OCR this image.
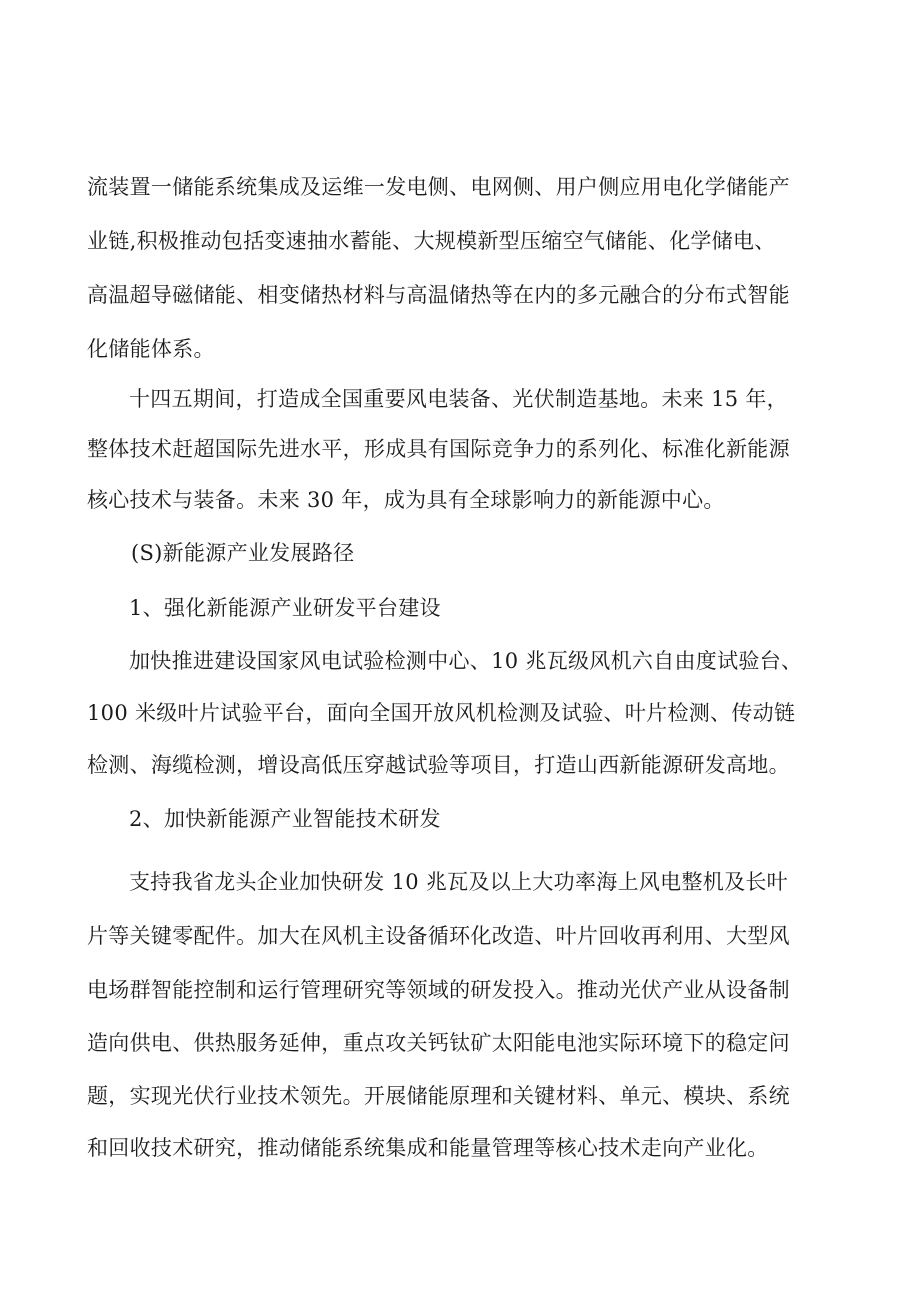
流装置一储能系统集成及运维一发电侧、电网侧、用户侧应用电化学储能产

业链,积极推动包括变速抽水蓄能、大规模新型压缩空气储能、化学储电、

高温超导磁储能、相变储热材料与高温储热等在内的多元融合的分布式智能

化储能体系。

十四五期间，打造成全国重要风电装备、光伏制造基地。未来 15 年，

整体技术赶超国际先进水平，形成具有国际竞争力的系列化、标准化新能源

核心技术与装备。未来 30 年，成为具有全球影响力的新能源中心。

(S)新能源产业发展路径

1、强化新能源产业研发平台建设

加快推进建设国家风电试验检测中心、10 兆瓦级风机六自由度试验台、

100 米级叶片试验平台，面向全国开放风机检测及试验、叶片检测、传动链

检测、海缆检测，增设高低压穿越试验等项目，打造山西新能源研发高地。

2、加快新能源产业智能技术研发

支持我省龙头企业加快研发 10 兆瓦及以上大功率海上风电整机及长叶

片等关键零配件。加大在风机主设备循环化改造、叶片回收再利用、大型风

电场群智能控制和运行管理研究等领域的研发投入。推动光伏产业从设备制

造向供电、供热服务延伸，重点攻关钙钛矿太阳能电池实际环境下的稳定问

题，实现光伏行业技术领先。开展储能原理和关键材料、单元、模块、系统

和回收技术研究，推动储能系统集成和能量管理等核心技术走向产业化。
